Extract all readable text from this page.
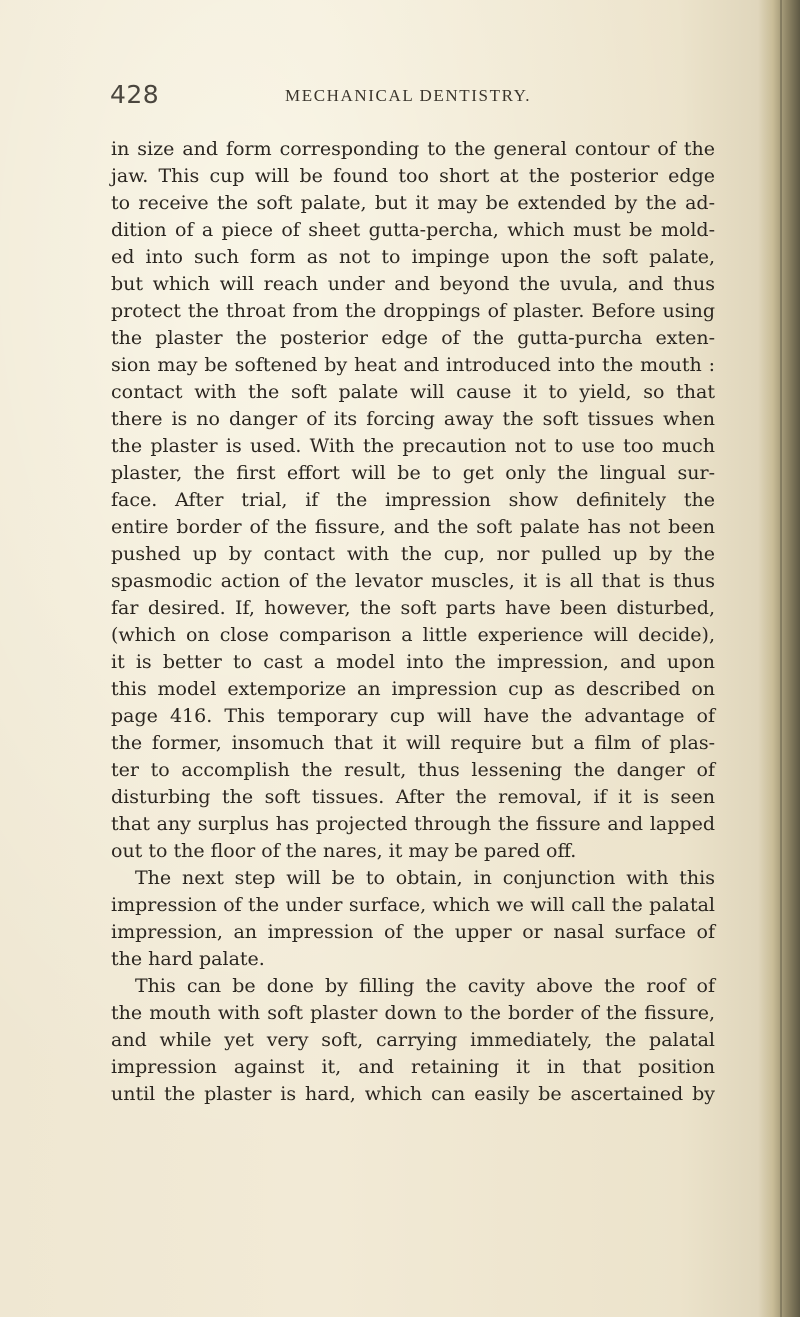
428	MECHANICAL DENTISTRY.
in size and form corresponding to the general contour of the
jaw. This cup will be found too short at the posterior edge
to receive the soft palate, but it may be extended by the ad-
dition of a piece of sheet gutta-percha, which must be mold-
ed into such form as not to impinge upon the soft palate,
but which will reach under and beyond the uvula, and thus
protect the throat from the droppings of plaster. Before using
the plaster the posterior edge of the gutta-purcha exten-
sion may be softened by heat and introduced into the mouth :
contact with the soft palate will cause it to yield, so that
there is no danger of its forcing away the soft tissues when
the plaster is used. With the precaution not to use too much
plaster, the first effort will be to get only the lingual sur-
face. After trial, if the impression show definitely the
entire border of the fissure, and the soft palate has not been
pushed up by contact with the cup, nor pulled up by the
spasmodic action of the levator muscles, it is all that is thus
far desired. If, however, the soft parts have been disturbed,
(which on close comparison a little experience will decide),
it is better to cast a model into the impression, and upon
this model extemporize an impression cup as described on
page 416. This temporary cup will have the advantage of
the former, insomuch that it will require but a film of plas-
ter to accomplish the result, thus lessening the danger of
disturbing the soft tissues. After the removal, if it is seen
that any surplus has projected through the fissure and lapped
out to the floor of the nares, it may be pared off.
The next step will be to obtain, in conjunction with this
impression of the under surface, which we will call the palatal
impression, an impression of the upper or nasal surface of
the hard palate.
This can be done by filling the cavity above the roof of
the mouth with soft plaster down to the border of the fissure,
and while yet very soft, carrying immediately, the palatal
impression against it, and retaining it in that position
until the plaster is hard, which can easily be ascertained by
